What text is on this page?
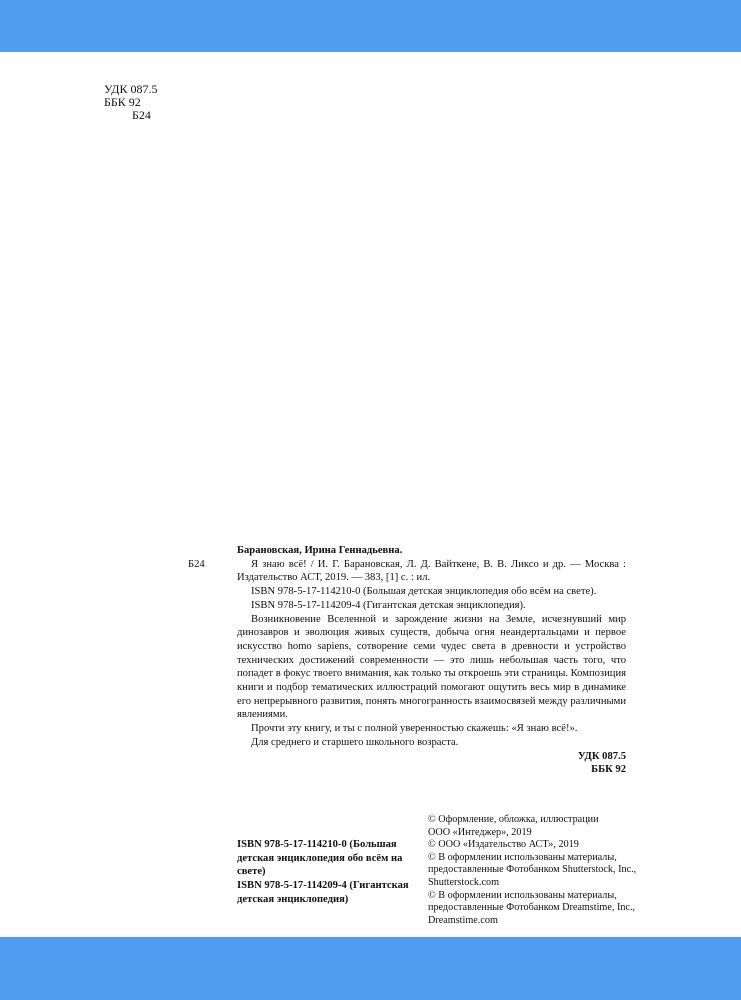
УДК 087.5
ББК 92
Б24
Барановская, Ирина Геннадьевна.
Б24	Я знаю всё! / И. Г. Барановская, Л. Д. Вайткене, В. В. Ликсо и др. — Москва : Издательство АСТ, 2019. — 383, [1] с. : ил.

ISBN 978-5-17-114210-0 (Большая детская энциклопедия обо всём на свете).

ISBN 978-5-17-114209-4 (Гигантская детская энциклопедия).

Возникновение Вселенной и зарождение жизни на Земле, исчезнувший мир динозавров и эволюция живых существ, добыча огня неандертальцами и первое искусство homo sapiens, сотворение семи чудес света в древности и устройство технических достижений современности — это лишь небольшая часть того, что попадет в фокус твоего внимания, как только ты откроешь эти страницы. Композиция книги и подбор тематических иллюстраций помогают ощутить весь мир в динамике его непрерывного развития, понять многогранность взаимосвязей между различными явлениями.

Прочти эту книгу, и ты с полной уверенностью скажешь: «Я знаю всё!».

Для среднего и старшего школьного возраста.

УДК 087.5

ББК 92

ISBN 978-5-17-114210-0 (Большая детская энциклопедия обо всём на свете)
ISBN 978-5-17-114209-4 (Гигантская детская энциклопедия)
© Оформление, обложка, иллюстрации
ООО «Интеджер», 2019
© ООО «Издательство АСТ», 2019
© В оформлении использованы материалы,
предоставленные Фотобанком Shutterstock, Inc.,
Shutterstock.com
© В оформлении использованы материалы,
предоставленные Фотобанком Dreamstime, Inc.,
Dreamstime.com
